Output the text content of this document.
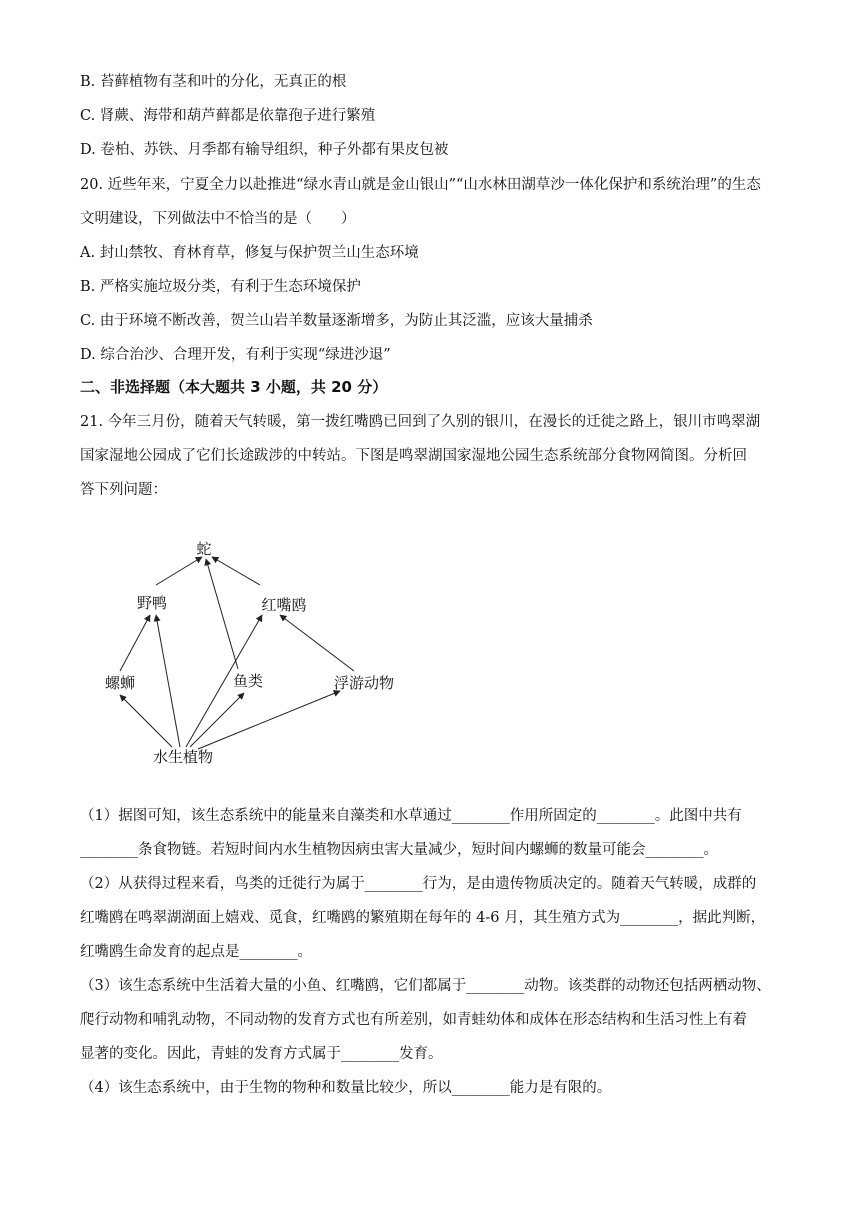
B. 苔藓植物有茎和叶的分化，无真正的根
C. 肾蕨、海带和葫芦藓都是依靠孢子进行繁殖
D. 卷柏、苏铁、月季都有输导组织，种子外都有果皮包被
20. 近些年来，宁夏全力以赴推进“绿水青山就是金山银山”“山水林田湖草沙一体化保护和系统治理”的生态
文明建设，下列做法中不恰当的是（　　）
A. 封山禁牧、育林育草，修复与保护贺兰山生态环境
B. 严格实施垃圾分类，有利于生态环境保护
C. 由于环境不断改善，贺兰山岩羊数量逐渐增多，为防止其泛滥，应该大量捕杀
D. 综合治沙、合理开发，有利于实现“绿进沙退”
二、非选择题（本大题共 3 小题，共 20 分）
21. 今年三月份，随着天气转暖，第一拨红嘴鸥已回到了久别的银川，在漫长的迁徙之路上，银川市鸣翠湖
国家湿地公园成了它们长途跋涉的中转站。下图是鸣翠湖国家湿地公园生态系统部分食物网简图。分析回
答下列问题：
蛇
野鸭	红嘴鸥
螺蛳	鱼类	浮游动物
水生植物
（1）据图可知，该生态系统中的能量来自藻类和水草通过________作用所固定的________。此图中共有
________条食物链。若短时间内水生植物因病虫害大量减少，短时间内螺蛳的数量可能会________。
（2）从获得过程来看，鸟类的迁徙行为属于________行为，是由遗传物质决定的。随着天气转暖，成群的
红嘴鸥在鸣翠湖湖面上嬉戏、觅食，红嘴鸥的繁殖期在每年的 4-6 月，其生殖方式为________，据此判断，
红嘴鸥生命发育的起点是________。
（3）该生态系统中生活着大量的小鱼、红嘴鸥，它们都属于________动物。该类群的动物还包括两栖动物、
爬行动物和哺乳动物，不同动物的发育方式也有所差别，如青蛙幼体和成体在形态结构和生活习性上有着
显著的变化。因此，青蛙的发育方式属于________发育。
（4）该生态系统中，由于生物的物种和数量比较少，所以________能力是有限的。
